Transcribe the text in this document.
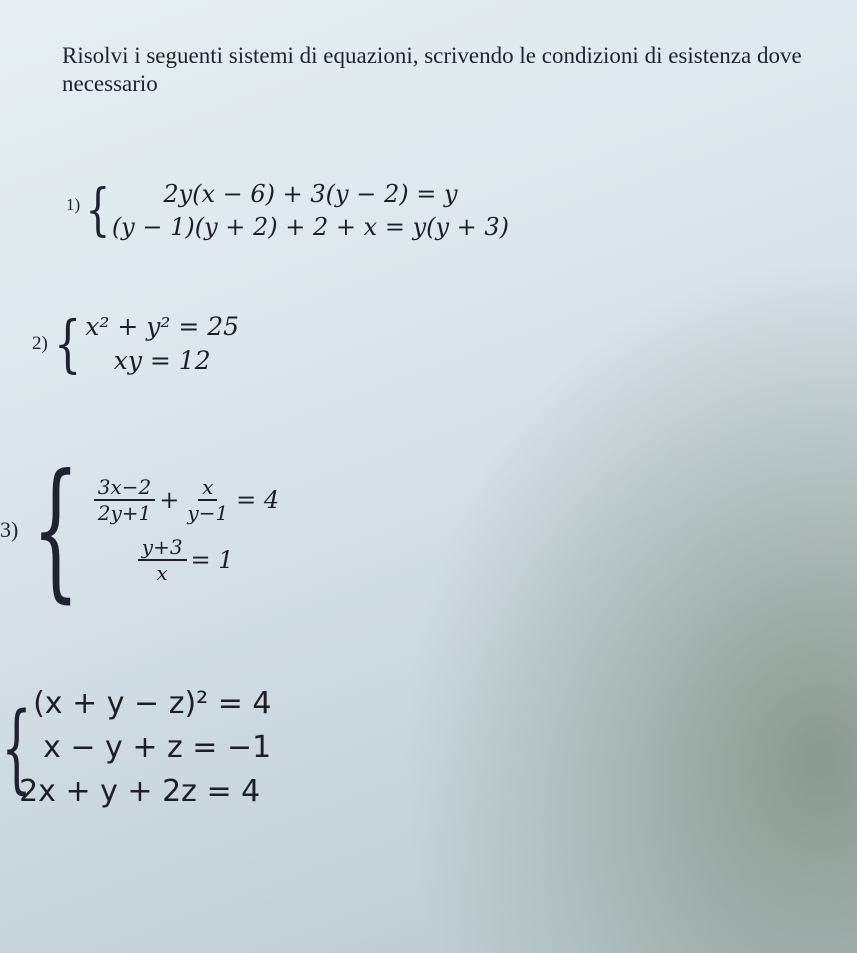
Risolvi i seguenti sistemi di equazioni, scrivendo le condizioni di esistenza dove necessario
1) {	2y(x − 6) + 3(y − 2) = y
(y − 1)(y + 2) + 2 + x = y(y + 3)
2) { x² + y² = 25
xy = 12
3) { $\frac{3x-2}{2y+1} + \frac{x}{y-1} = 4$
$\frac{y+3}{x} = 1$
{ (x + y − z)² = 4
x − y + z = −1
2x + y + 2z = 4
